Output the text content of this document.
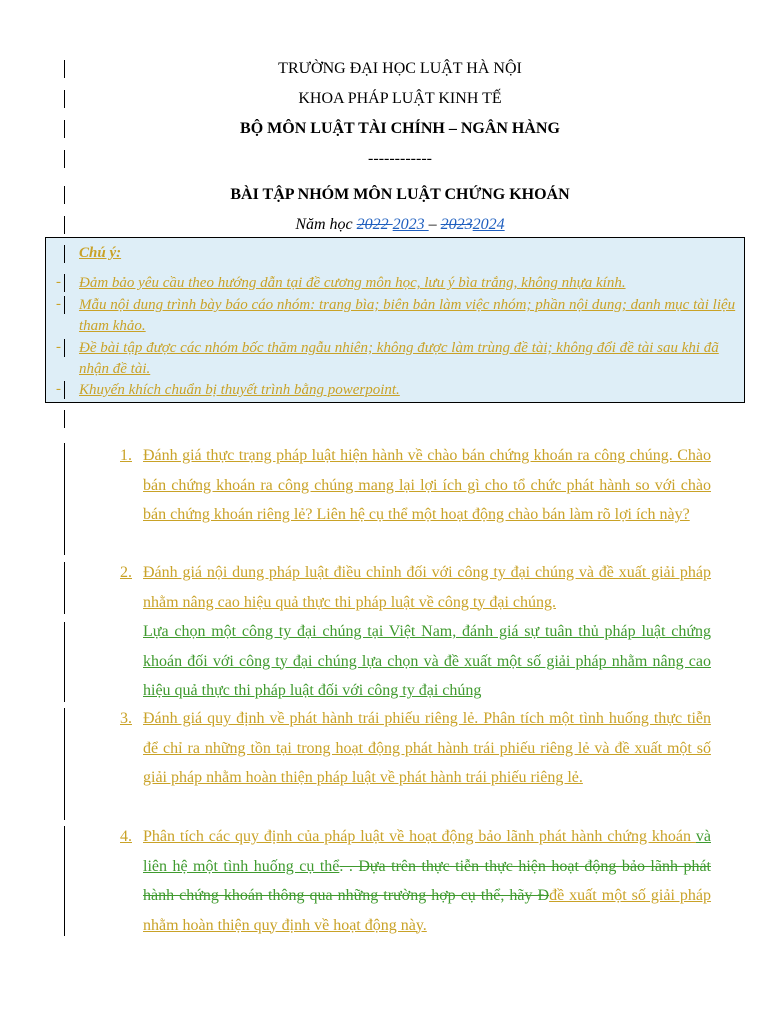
TRƯỜNG ĐẠI HỌC LUẬT HÀ NỘI
KHOA PHÁP LUẬT KINH TẾ
BỘ MÔN LUẬT TÀI CHÍNH – NGÂN HÀNG
------------
BÀI TẬP NHÓM MÔN LUẬT CHỨNG KHOÁN
Năm học 2022 2023 – 20232024
Chú ý:
- Đảm bảo yêu cầu theo hướng dẫn tại đề cương môn học, lưu ý bìa trắng, không nhựa kính.
- Mẫu nội dung trình bày báo cáo nhóm: trang bìa; biên bản làm việc nhóm; phần nội dung; danh mục tài liệu tham khảo.
- Đề bài tập được các nhóm bốc thăm ngẫu nhiên; không được làm trùng đề tài; không đổi đề tài sau khi đã nhận đề tài.
- Khuyến khích chuẩn bị thuyết trình bằng powerpoint.
1. Đánh giá thực trạng pháp luật hiện hành về chào bán chứng khoán ra công chúng. Chào bán chứng khoán ra công chúng mang lại lợi ích gì cho tổ chức phát hành so với chào bán chứng khoán riêng lẻ? Liên hệ cụ thể một hoạt động chào bán làm rõ lợi ích này?
2. Đánh giá nội dung pháp luật điều chỉnh đối với công ty đại chúng và đề xuất giải pháp nhằm nâng cao hiệu quả thực thi pháp luật về công ty đại chúng.
Lựa chọn một công ty đại chúng tại Việt Nam, đánh giá sự tuân thủ pháp luật chứng khoán đối với công ty đại chúng lựa chọn và đề xuất một số giải pháp nhằm nâng cao hiệu quả thực thi pháp luật đối với công ty đại chúng
3. Đánh giá quy định về phát hành trái phiếu riêng lẻ. Phân tích một tình huống thực tiễn để chỉ ra những tồn tại trong hoạt động phát hành trái phiếu riêng lẻ và đề xuất một số giải pháp nhằm hoàn thiện pháp luật về phát hành trái phiếu riêng lẻ.
4. Phân tích các quy định của pháp luật về hoạt động bảo lãnh phát hành chứng khoán và liên hệ một tình huống cụ thể. . Dựa trên thực tiễn thực hiện hoạt động bảo lãnh phát hành chứng khoán thông qua những trường hợp cụ thể, hãy Đđề xuất một số giải pháp nhằm hoàn thiện quy định về hoạt động này.
